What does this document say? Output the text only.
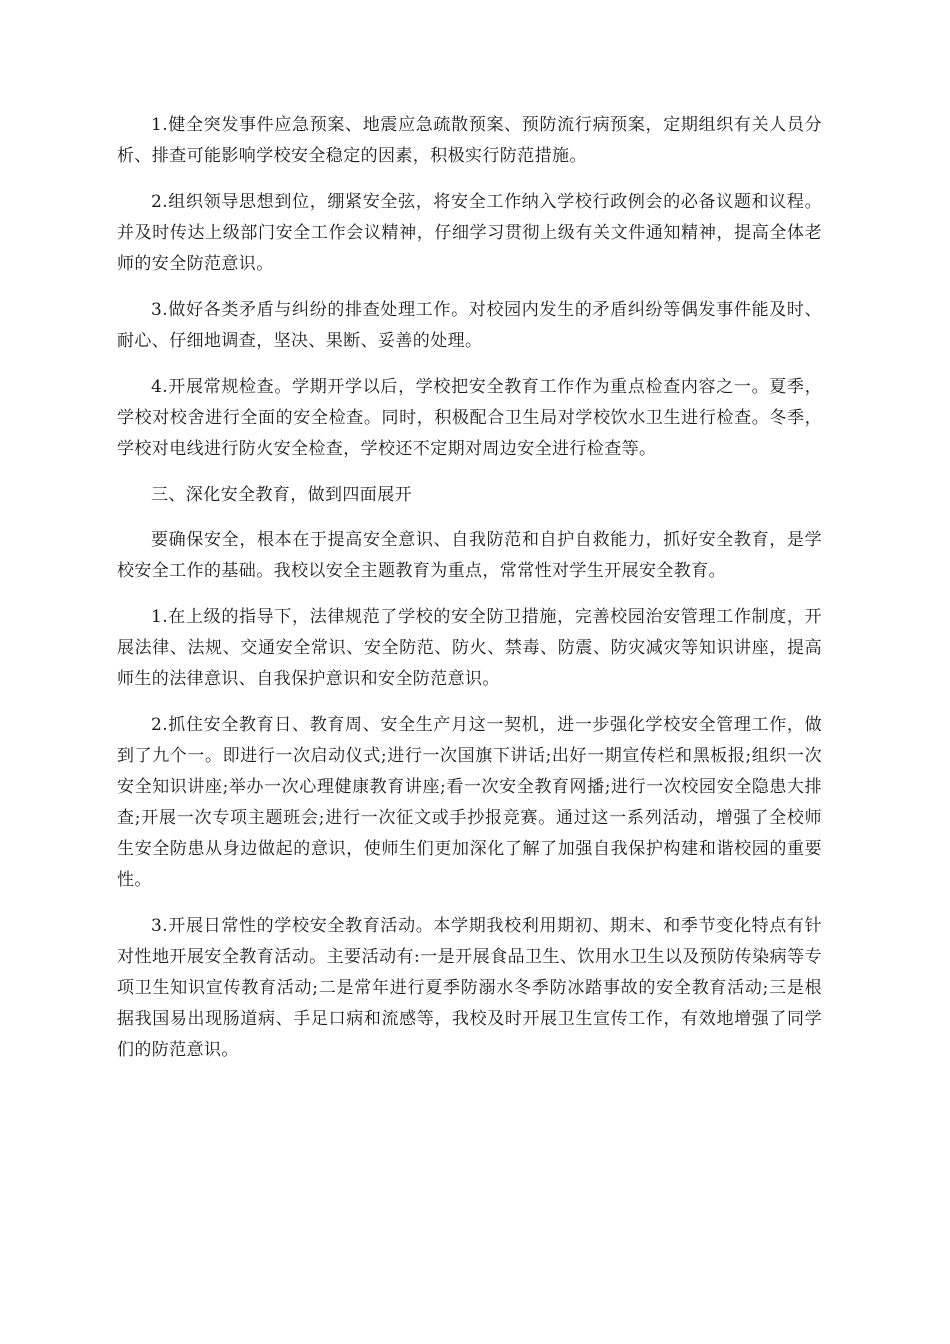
1.健全突发事件应急预案、地震应急疏散预案、预防流行病预案，定期组织有关人员分析、排查可能影响学校安全稳定的因素，积极实行防范措施。

2.组织领导思想到位，绷紧安全弦，将安全工作纳入学校行政例会的必备议题和议程。并及时传达上级部门安全工作会议精神，仔细学习贯彻上级有关文件通知精神，提高全体老师的安全防范意识。

3.做好各类矛盾与纠纷的排查处理工作。对校园内发生的矛盾纠纷等偶发事件能及时、耐心、仔细地调查，坚决、果断、妥善的处理。

4.开展常规检查。学期开学以后，学校把安全教育工作作为重点检查内容之一。夏季，学校对校舍进行全面的安全检查。同时，积极配合卫生局对学校饮水卫生进行检查。冬季，学校对电线进行防火安全检查，学校还不定期对周边安全进行检查等。

三、深化安全教育，做到四面展开

要确保安全，根本在于提高安全意识、自我防范和自护自救能力，抓好安全教育，是学校安全工作的基础。我校以安全主题教育为重点，常常性对学生开展安全教育。

1.在上级的指导下，法律规范了学校的安全防卫措施，完善校园治安管理工作制度，开展法律、法规、交通安全常识、安全防范、防火、禁毒、防震、防灾减灾等知识讲座，提高师生的法律意识、自我保护意识和安全防范意识。

2.抓住安全教育日、教育周、安全生产月这一契机，进一步强化学校安全管理工作，做到了九个一。即进行一次启动仪式;进行一次国旗下讲话;出好一期宣传栏和黑板报;组织一次安全知识讲座;举办一次心理健康教育讲座;看一次安全教育网播;进行一次校园安全隐患大排查;开展一次专项主题班会;进行一次征文或手抄报竞赛。通过这一系列活动，增强了全校师生安全防患从身边做起的意识，使师生们更加深化了解了加强自我保护构建和谐校园的重要性。

3.开展日常性的学校安全教育活动。本学期我校利用期初、期末、和季节变化特点有针对性地开展安全教育活动。主要活动有:一是开展食品卫生、饮用水卫生以及预防传染病等专项卫生知识宣传教育活动;二是常年进行夏季防溺水冬季防冰踏事故的安全教育活动;三是根据我国易出现肠道病、手足口病和流感等，我校及时开展卫生宣传工作，有效地增强了同学们的防范意识。
